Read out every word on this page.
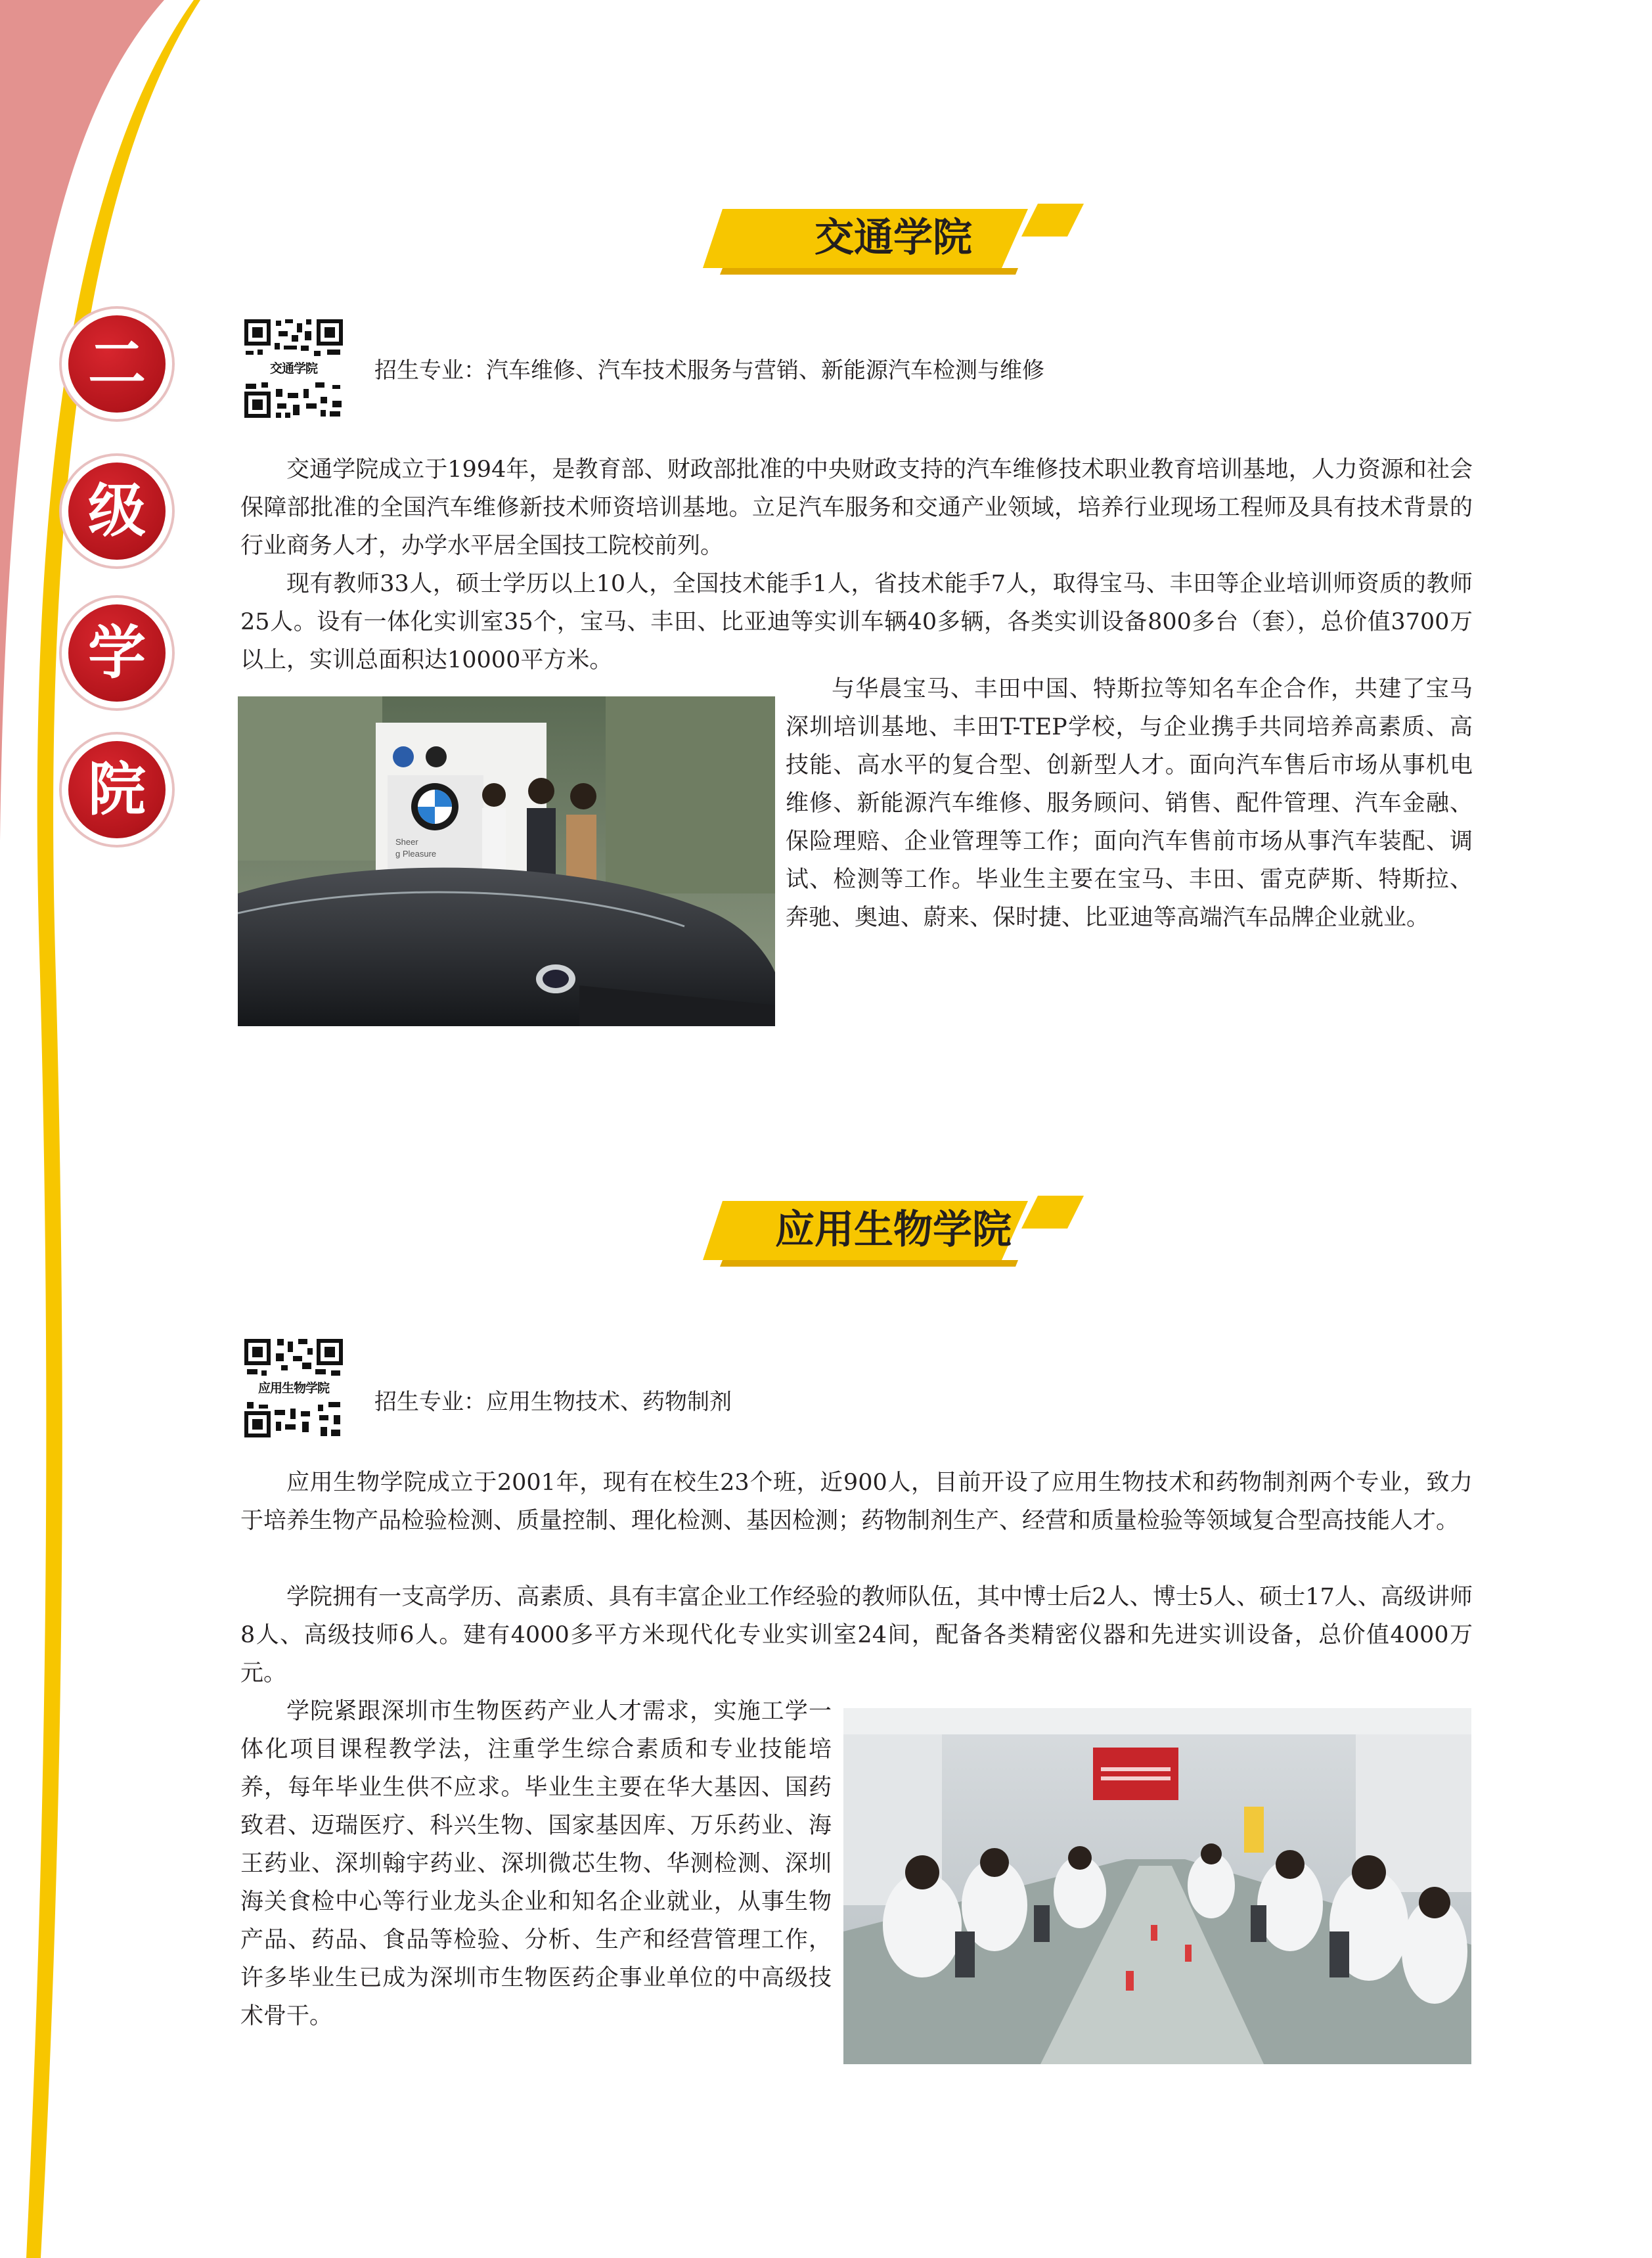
二
级
学
院
交通学院
交通学院	招生专业：汽车维修、汽车技术服务与营销、新能源汽车检测与维修

交通学院成立于1994年，是教育部、财政部批准的中央财政支持的汽车维修技术职业教育培训基地，人力资源和社会保障部批准的全国汽车维修新技术师资培训基地。立足汽车服务和交通产业领域，培养行业现场工程师及具有技术背景的行业商务人才，办学水平居全国技工院校前列。

现有教师33人，硕士学历以上10人，全国技术能手1人，省技术能手7人，取得宝马、丰田等企业培训师资质的教师25人。设有一体化实训室35个，宝马、丰田、比亚迪等实训车辆40多辆，各类实训设备800多台（套），总价值3700万以上，实训总面积达10000平方米。

Sheer
g Pleasure

与华晨宝马、丰田中国、特斯拉等知名车企合作，共建了宝马深圳培训基地、丰田T-TEP学校，与企业携手共同培养高素质、高技能、高水平的复合型、创新型人才。面向汽车售后市场从事机电维修、新能源汽车维修、服务顾问、销售、配件管理、汽车金融、保险理赔、企业管理等工作；面向汽车售前市场从事汽车装配、调试、检测等工作。毕业生主要在宝马、丰田、雷克萨斯、特斯拉、奔驰、奥迪、蔚来、保时捷、比亚迪等高端汽车品牌企业就业。

应用生物学院
应用生物学院
招生专业：应用生物技术、药物制剂

应用生物学院成立于2001年，现有在校生23个班，近900人，目前开设了应用生物技术和药物制剂两个专业，致力于培养生物产品检验检测、质量控制、理化检测、基因检测；药物制剂生产、经营和质量检验等领域复合型高技能人才。

学院拥有一支高学历、高素质、具有丰富企业工作经验的教师队伍，其中博士后2人、博士5人、硕士17人、高级讲师8人、高级技师6人。建有4000多平方米现代化专业实训室24间，配备各类精密仪器和先进实训设备，总价值4000万元。

学院紧跟深圳市生物医药产业人才需求，实施工学一体化项目课程教学法，注重学生综合素质和专业技能培养，每年毕业生供不应求。毕业生主要在华大基因、国药致君、迈瑞医疗、科兴生物、国家基因库、万乐药业、海王药业、深圳翰宇药业、深圳微芯生物、华测检测、深圳海关食检中心等行业龙头企业和知名企业就业，从事生物产品、药品、食品等检验、分析、生产和经营管理工作，许多毕业生已成为深圳市生物医药企事业单位的中高级技术骨干。
